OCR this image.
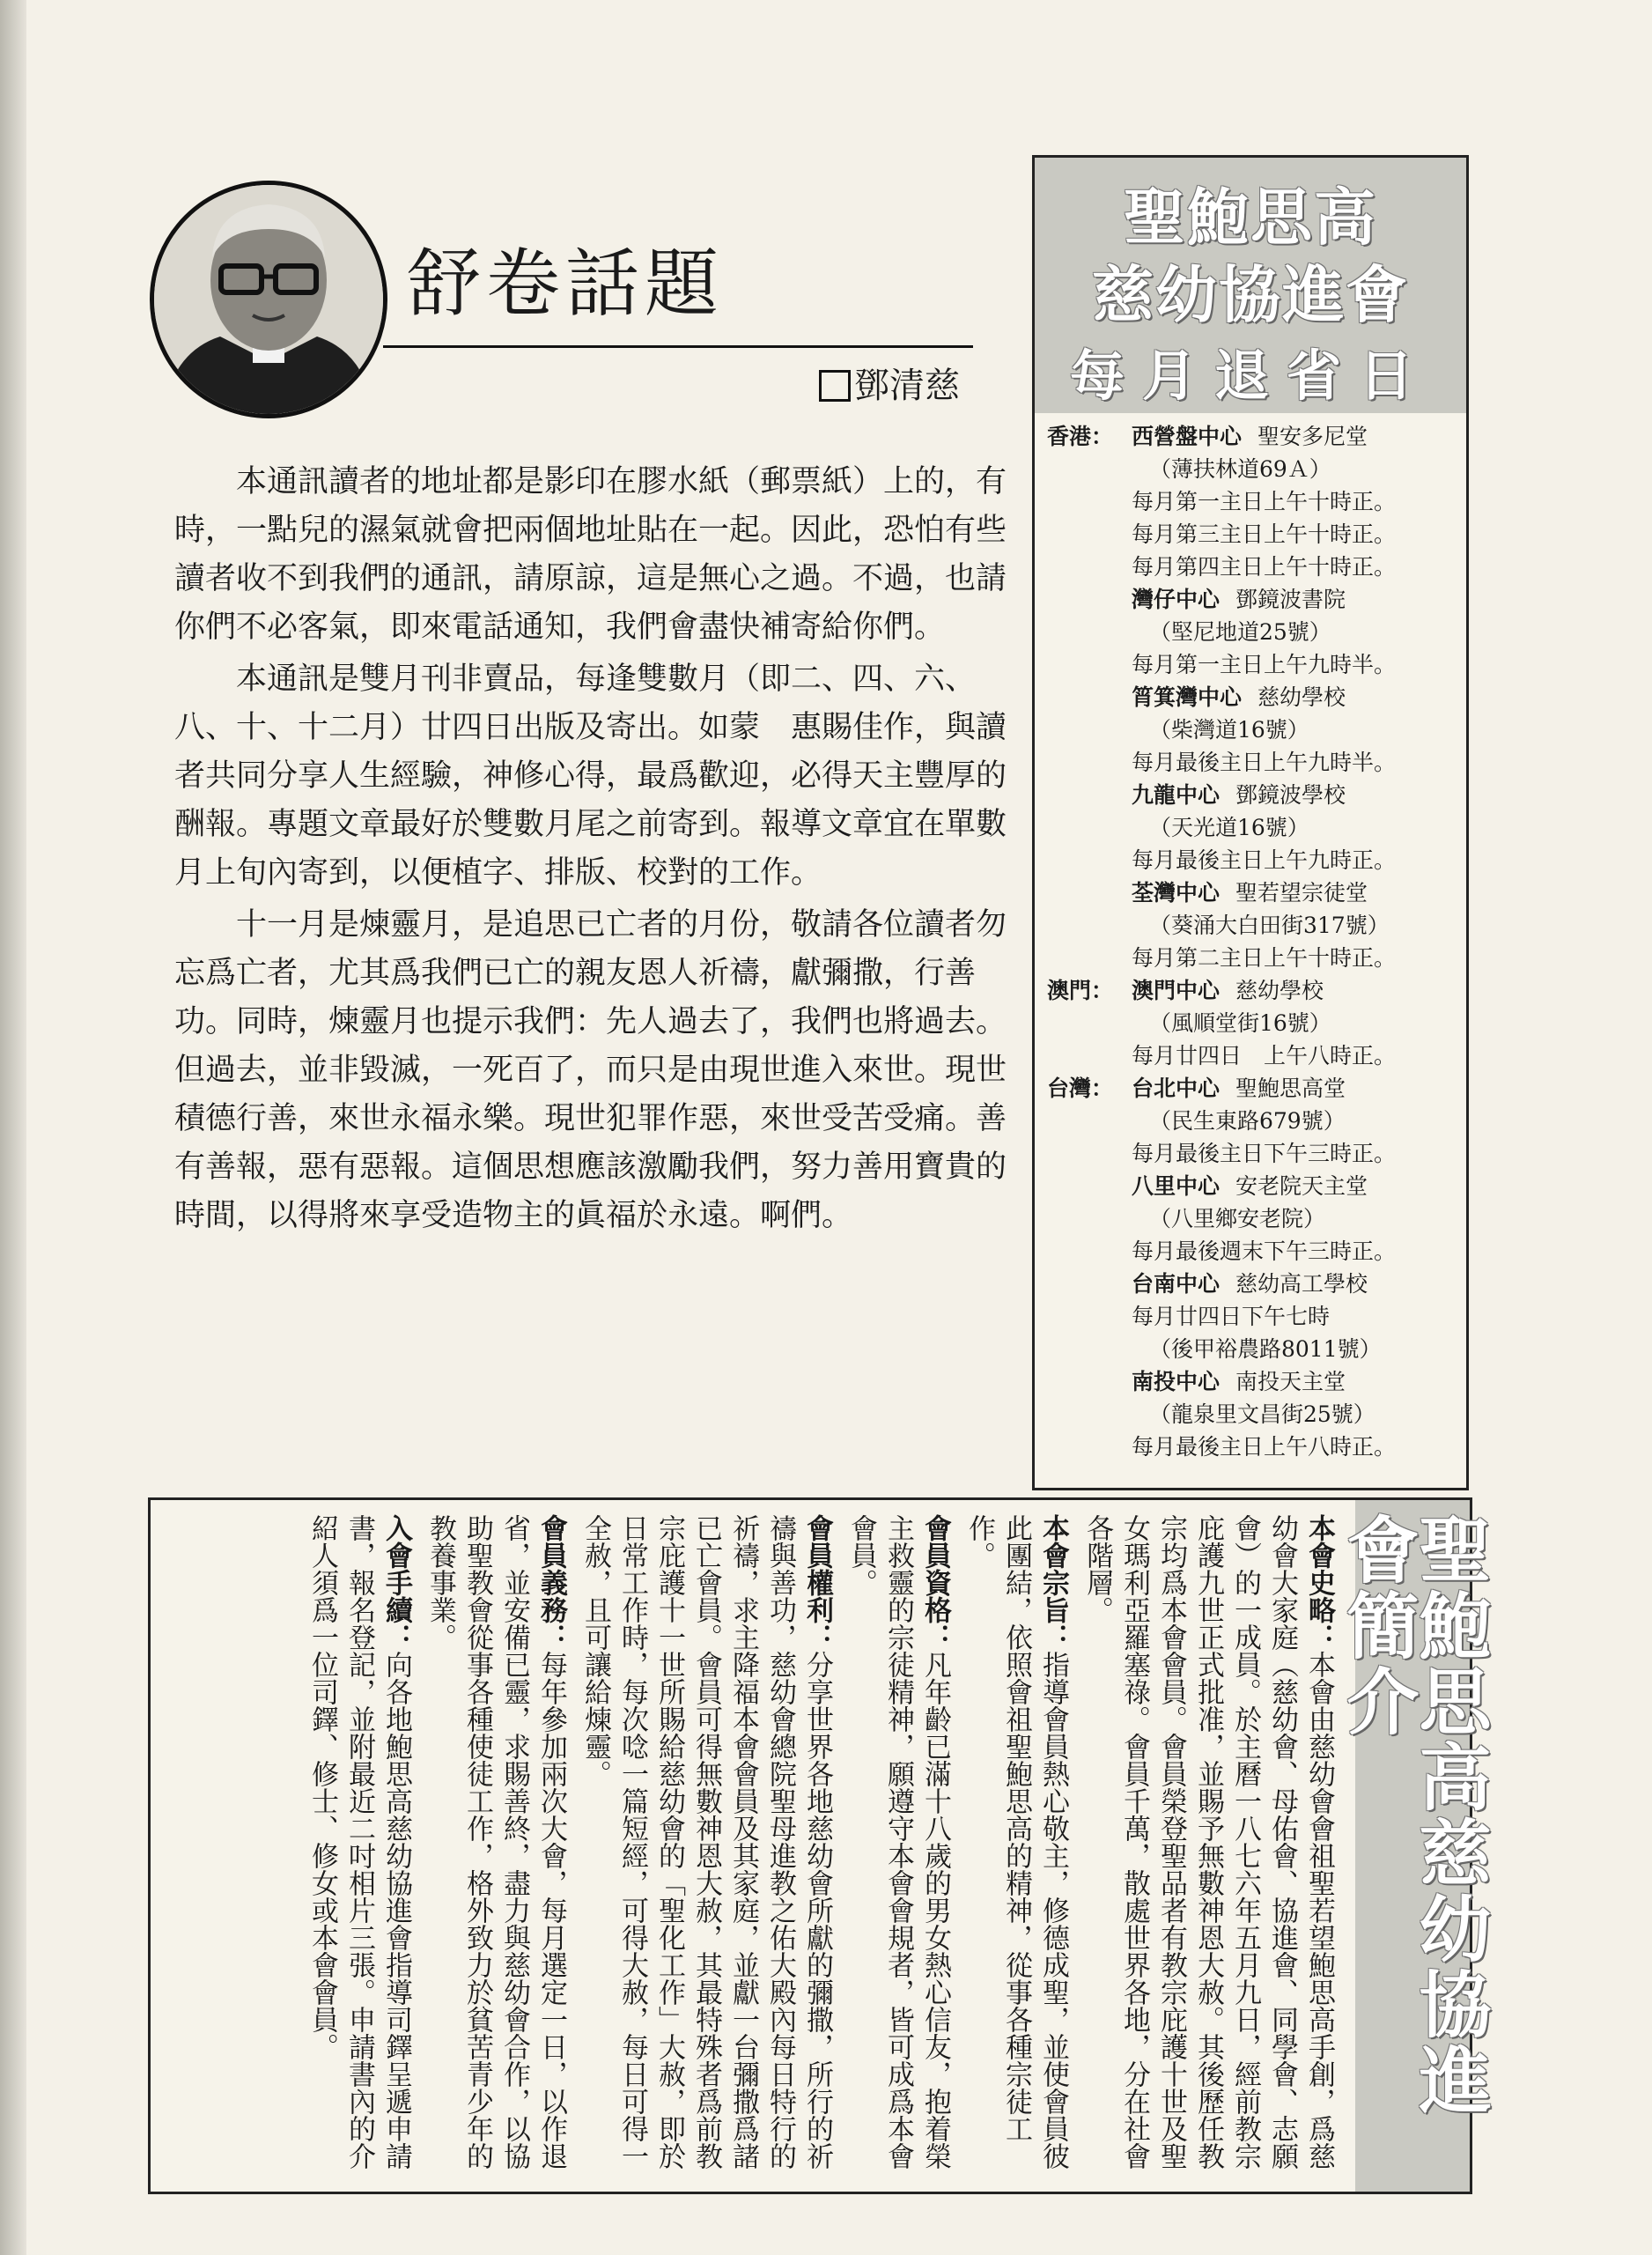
舒卷話題
鄧清慈

本通訊讀者的地址都是影印在膠水紙（郵票紙）上的，有時，一點兒的濕氣就會把兩個地址貼在一起。因此，恐怕有些讀者收不到我們的通訊，請原諒，這是無心之過。不過，也請你們不必客氣，即來電話通知，我們會盡快補寄給你們。

本通訊是雙月刊非賣品，每逢雙數月（即二、四、六、八、十、十二月）廿四日出版及寄出。如蒙　惠賜佳作，與讀者共同分享人生經驗，神修心得，最爲歡迎，必得天主豐厚的酬報。專題文章最好於雙數月尾之前寄到。報導文章宜在單數月上旬內寄到，以便植字、排版、校對的工作。

十一月是煉靈月，是追思已亡者的月份，敬請各位讀者勿忘爲亡者，尤其爲我們已亡的親友恩人祈禱，獻彌撒，行善功。同時，煉靈月也提示我們：先人過去了，我們也將過去。但過去，並非毀滅，一死百了，而只是由現世進入來世。現世積德行善，來世永福永樂。現世犯罪作惡，來世受苦受痛。善有善報，惡有惡報。這個思想應該激勵我們，努力善用寶貴的時間，以得將來享受造物主的眞福於永遠。啊們。

聖鮑思高
慈幼協進會
每月退省日
香港： 西營盤中心 聖安多尼堂
（薄扶林道69Ａ）
每月第一主日上午十時正。
每月第三主日上午十時正。
每月第四主日上午十時正。
灣仔中心 鄧鏡波書院
（堅尼地道25號）
每月第一主日上午九時半。
筲箕灣中心 慈幼學校
（柴灣道16號）
每月最後主日上午九時半。
九龍中心 鄧鏡波學校
（天光道16號）
每月最後主日上午九時正。
荃灣中心 聖若望宗徒堂
（葵涌大白田街317號）
每月第二主日上午十時正。
澳門： 澳門中心 慈幼學校
（風順堂街16號）
每月廿四日　上午八時正。
台灣： 台北中心 聖鮑思高堂
（民生東路679號）
每月最後主日下午三時正。
八里中心 安老院天主堂
（八里鄉安老院）
每月最後週末下午三時正。
台南中心 慈幼高工學校
每月廿四日下午七時
（後甲裕農路8011號）
南投中心 南投天主堂
（龍泉里文昌街25號）
每月最後主日上午八時正。
聖鮑思高慈幼協進會簡介

本會史略：本會由慈幼會會祖聖若望鮑思高手創，爲慈幼會大家庭（慈幼會、母佑會、協進會、同學會、志願會）的一成員。於主曆一八七六年五月九日，經前教宗庇護九世正式批准，並賜予無數神恩大赦。其後歷任教宗均爲本會會員。會員榮登聖品者有教宗庇護十世及聖女瑪利亞羅塞祿。會員千萬，散處世界各地，分在社會各階層。

本會宗旨：指導會員熱心敬主，修德成聖，並使會員彼此團結，依照會祖聖鮑思高的精神，從事各種宗徒工作。

會員資格：凡年齡已滿十八歲的男女熱心信友，抱着榮主救靈的宗徒精神，願遵守本會會規者，皆可成爲本會會員。

會員權利：分享世界各地慈幼會所獻的彌撒，所行的祈禱與善功，慈幼會總院聖母進教之佑大殿內每日特行的祈禱，求主降福本會會員及其家庭，並獻一台彌撒爲諸已亡會員。會員可得無數神恩大赦，其最特殊者爲前教宗庇護十一世所賜給慈幼會的「聖化工作」大赦，即於日常工作時，每次唸一篇短經，可得大赦，每日可得一全赦，且可讓給煉靈。

會員義務：每年參加兩次大會，每月選定一日，以作退省，並安備已靈，求賜善終，盡力與慈幼會合作，以協助聖教會從事各種使徒工作，格外致力於貧苦青少年的教養事業。

入會手續：向各地鮑思高慈幼協進會指導司鐸呈遞申請書，報名登記，並附最近二吋相片三張。申請書內的介紹人須爲一位司鐸、修士、修女或本會會員。
